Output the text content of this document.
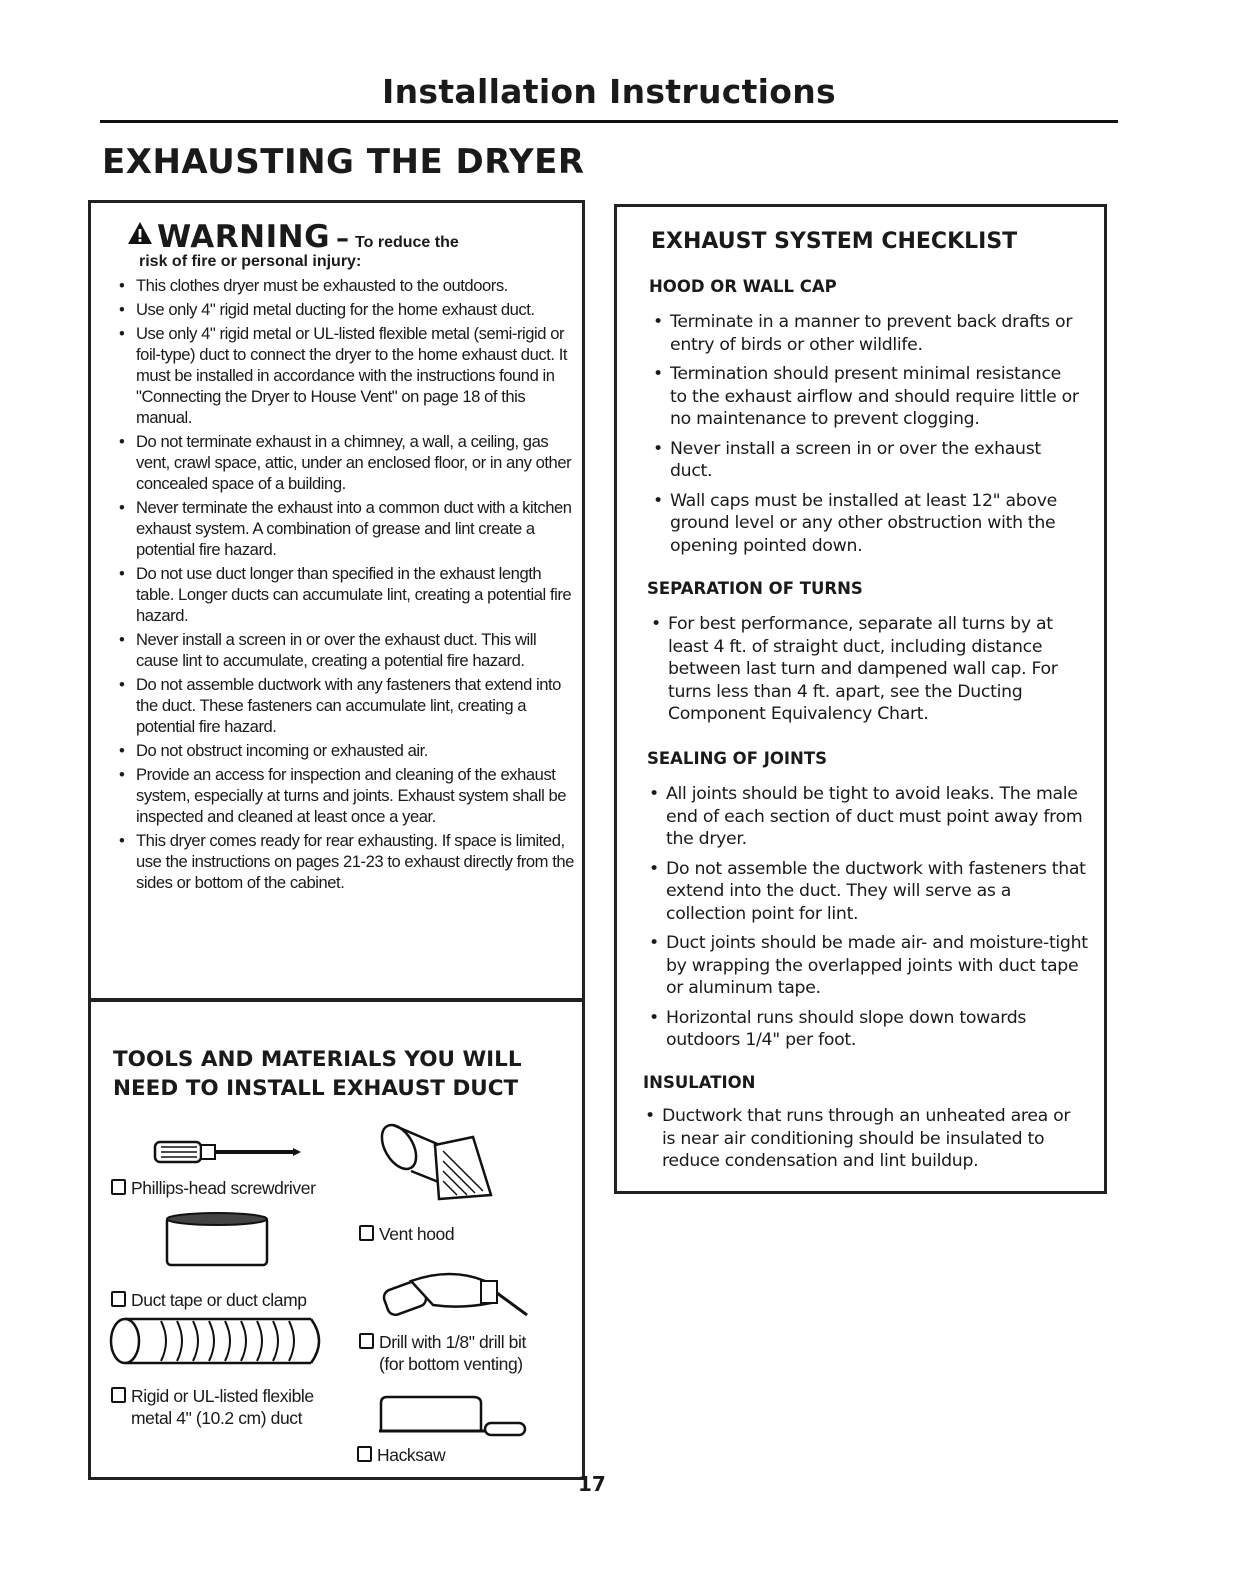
Installation Instructions
EXHAUSTING THE DRYER
WARNING – To reduce the
risk of fire or personal injury:
• This clothes dryer must be exhausted to the outdoors.
• Use only 4" rigid metal ducting for the home exhaust duct.
• Use only 4" rigid metal or UL-listed flexible metal (semi-rigid or foil-type) duct to connect the dryer to the home exhaust duct. It must be installed in accordance with the instructions found in "Connecting the Dryer to House Vent" on page 18 of this manual.
• Do not terminate exhaust in a chimney, a wall, a ceiling, gas vent, crawl space, attic, under an enclosed floor, or in any other concealed space of a building.
• Never terminate the exhaust into a common duct with a kitchen exhaust system. A combination of grease and lint create a potential fire hazard.
• Do not use duct longer than specified in the exhaust length table. Longer ducts can accumulate lint, creating a potential fire hazard.
• Never install a screen in or over the exhaust duct. This will cause lint to accumulate, creating a potential fire hazard.
• Do not assemble ductwork with any fasteners that extend into the duct. These fasteners can accumulate lint, creating a potential fire hazard.
• Do not obstruct incoming or exhausted air.
• Provide an access for inspection and cleaning of the exhaust system, especially at turns and joints. Exhaust system shall be inspected and cleaned at least once a year.
• This dryer comes ready for rear exhausting. If space is limited, use the instructions on pages 21-23 to exhaust directly from the sides or bottom of the cabinet.
TOOLS AND MATERIALS YOU WILL
NEED TO INSTALL EXHAUST DUCT
Phillips-head screwdriver
Vent hood
Duct tape or duct clamp
Drill with 1/8" drill bit
(for bottom venting)
Rigid or UL-listed flexible
metal 4" (10.2 cm) duct
Hacksaw
EXHAUST SYSTEM CHECKLIST
HOOD OR WALL CAP
• Terminate in a manner to prevent back drafts or entry of birds or other wildlife.
• Termination should present minimal resistance to the exhaust airflow and should require little or no maintenance to prevent clogging.
• Never install a screen in or over the exhaust duct.
• Wall caps must be installed at least 12" above ground level or any other obstruction with the opening pointed down.
SEPARATION OF TURNS
• For best performance, separate all turns by at least 4 ft. of straight duct, including distance between last turn and dampened wall cap. For turns less than 4 ft. apart, see the Ducting Component Equivalency Chart.
SEALING OF JOINTS
• All joints should be tight to avoid leaks. The male end of each section of duct must point away from the dryer.
• Do not assemble the ductwork with fasteners that extend into the duct. They will serve as a collection point for lint.
• Duct joints should be made air- and moisture-tight by wrapping the overlapped joints with duct tape or aluminum tape.
• Horizontal runs should slope down towards outdoors 1/4" per foot.
INSULATION
• Ductwork that runs through an unheated area or is near air conditioning should be insulated to reduce condensation and lint buildup.
17
